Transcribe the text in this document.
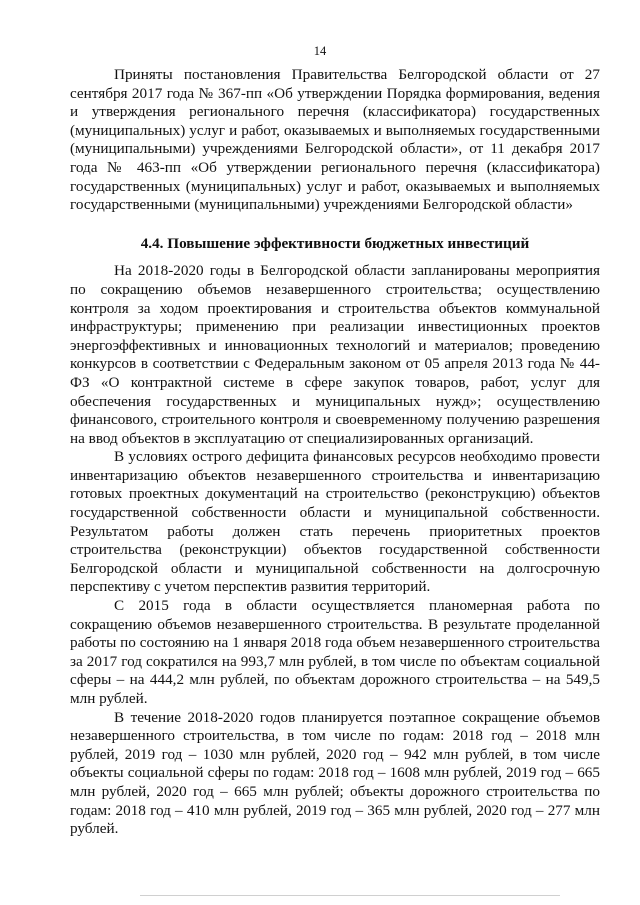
14

Приняты постановления Правительства Белгородской области от 27 сентября 2017 года № 367-пп «Об утверждении Порядка формирования, ведения и утверждения регионального перечня (классификатора) государственных (муниципальных) услуг и работ, оказываемых и выполняемых государственными (муниципальными) учреждениями Белгородской области», от 11 декабря 2017 года № 463-пп «Об утверждении регионального перечня (классификатора) государственных (муниципальных) услуг и работ, оказываемых и выполняемых государственными (муниципальными) учреждениями Белгородской области»

4.4. Повышение эффективности бюджетных инвестиций

На 2018-2020 годы в Белгородской области запланированы мероприятия по сокращению объемов незавершенного строительства; осуществлению контроля за ходом проектирования и строительства объектов коммунальной инфраструктуры; применению при реализации инвестиционных проектов энергоэффективных и инновационных технологий и материалов; проведению конкурсов в соответствии с Федеральным законом от 05 апреля 2013 года № 44-ФЗ «О контрактной системе в сфере закупок товаров, работ, услуг для обеспечения государственных и муниципальных нужд»; осуществлению финансового, строительного контроля и своевременному получению разрешения на ввод объектов в эксплуатацию от специализированных организаций.

В условиях острого дефицита финансовых ресурсов необходимо провести инвентаризацию объектов незавершенного строительства и инвентаризацию готовых проектных документаций на строительство (реконструкцию) объектов государственной собственности области и муниципальной собственности. Результатом работы должен стать перечень приоритетных проектов строительства (реконструкции) объектов государственной собственности Белгородской области и муниципальной собственности на долгосрочную перспективу с учетом перспектив развития территорий.

С 2015 года в области осуществляется планомерная работа по сокращению объемов незавершенного строительства. В результате проделанной работы по состоянию на 1 января 2018 года объем незавершенного строительства за 2017 год сократился на 993,7 млн рублей, в том числе по объектам социальной сферы – на 444,2 млн рублей, по объектам дорожного строительства – на 549,5 млн рублей.

В течение 2018-2020 годов планируется поэтапное сокращение объемов незавершенного строительства, в том числе по годам: 2018 год – 2018 млн рублей, 2019 год – 1030 млн рублей, 2020 год – 942 млн рублей, в том числе объекты социальной сферы по годам: 2018 год – 1608 млн рублей, 2019 год – 665 млн рублей, 2020 год – 665 млн рублей; объекты дорожного строительства по годам: 2018 год – 410 млн рублей, 2019 год – 365 млн рублей, 2020 год – 277 млн рублей.
